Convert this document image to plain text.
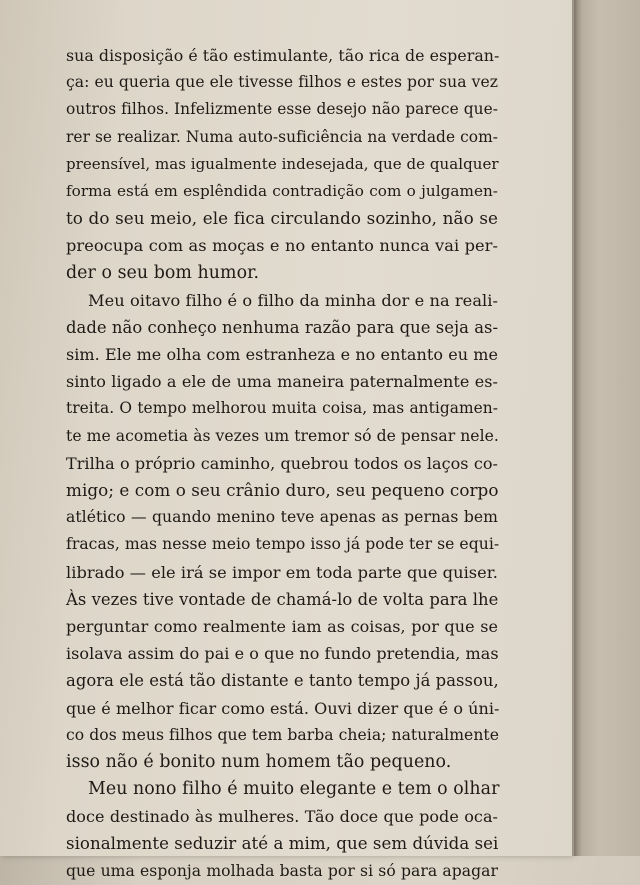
sua disposição é tão estimulante, tão rica de esperan-
ça: eu queria que ele tivesse filhos e estes por sua vez
outros filhos. Infelizmente esse desejo não parece que-
rer se realizar. Numa auto-suficiência na verdade com-
preensível, mas igualmente indesejada, que de qualquer
forma está em esplêndida contradição com o julgamen-
to do seu meio, ele fica circulando sozinho, não se
preocupa com as moças e no entanto nunca vai per-
der o seu bom humor.
Meu oitavo filho é o filho da minha dor e na reali-
dade não conheço nenhuma razão para que seja as-
sim. Ele me olha com estranheza e no entanto eu me
sinto ligado a ele de uma maneira paternalmente es-
treita. O tempo melhorou muita coisa, mas antigamen-
te me acometia às vezes um tremor só de pensar nele.
Trilha o próprio caminho, quebrou todos os laços co-
migo; e com o seu crânio duro, seu pequeno corpo
atlético — quando menino teve apenas as pernas bem
fracas, mas nesse meio tempo isso já pode ter se equi-
librado — ele irá se impor em toda parte que quiser.
Às vezes tive vontade de chamá-lo de volta para lhe
perguntar como realmente iam as coisas, por que se
isolava assim do pai e o que no fundo pretendia, mas
agora ele está tão distante e tanto tempo já passou,
que é melhor ficar como está. Ouvi dizer que é o úni-
co dos meus filhos que tem barba cheia; naturalmente
isso não é bonito num homem tão pequeno.
Meu nono filho é muito elegante e tem o olhar
doce destinado às mulheres. Tão doce que pode oca-
sionalmente seduzir até a mim, que sem dúvida sei
que uma esponja molhada basta por si só para apagar
